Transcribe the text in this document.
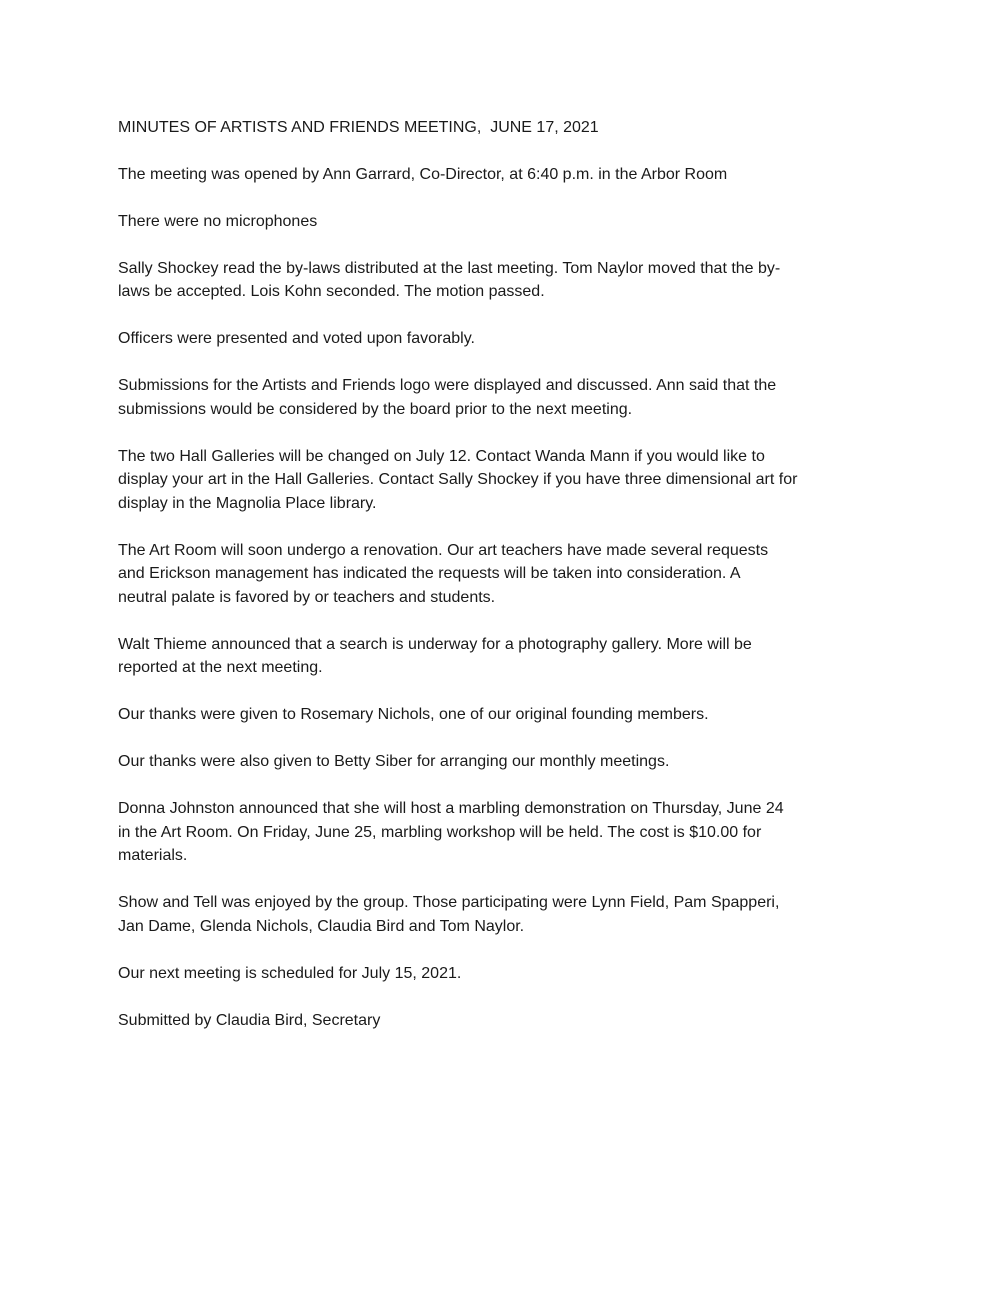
MINUTES OF ARTISTS AND FRIENDS MEETING,  JUNE 17, 2021

The meeting was opened by Ann Garrard, Co-Director, at 6:40 p.m. in the Arbor Room

There were no microphones

Sally Shockey read the by-laws distributed at the last meeting. Tom Naylor moved that the by-
laws be accepted. Lois Kohn seconded. The motion passed.

Officers were presented and voted upon favorably.

Submissions for the Artists and Friends logo were displayed and discussed. Ann said that the
submissions would be considered by the board prior to the next meeting.

The two Hall Galleries will be changed on July 12. Contact Wanda Mann if you would like to
display your art in the Hall Galleries. Contact Sally Shockey if you have three dimensional art for
display in the Magnolia Place library.

The Art Room will soon undergo a renovation. Our art teachers have made several requests
and Erickson management has indicated the requests will be taken into consideration. A
neutral palate is favored by or teachers and students.

Walt Thieme announced that a search is underway for a photography gallery. More will be
reported at the next meeting.

Our thanks were given to Rosemary Nichols, one of our original founding members.

Our thanks were also given to Betty Siber for arranging our monthly meetings.

Donna Johnston announced that she will host a marbling demonstration on Thursday, June 24
in the Art Room. On Friday, June 25, marbling workshop will be held. The cost is $10.00 for
materials.

Show and Tell was enjoyed by the group. Those participating were Lynn Field, Pam Spapperi,
Jan Dame, Glenda Nichols, Claudia Bird and Tom Naylor.

Our next meeting is scheduled for July 15, 2021.

Submitted by Claudia Bird, Secretary
